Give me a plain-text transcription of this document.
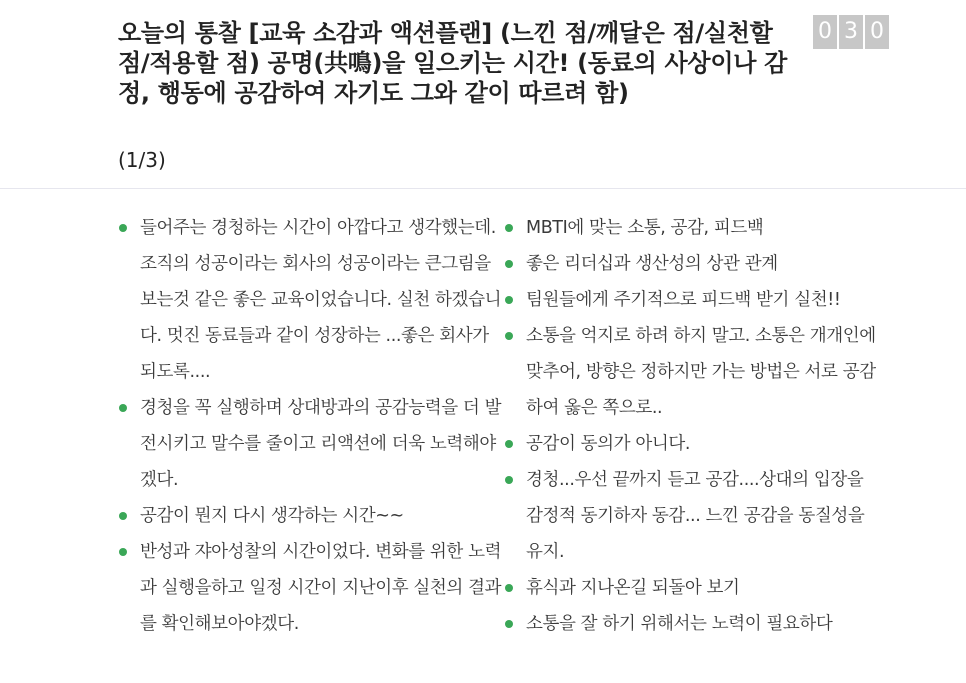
오늘의 통찰 [교육 소감과 액션플랜] (느낀 점/깨달은 점/실천할 점/적용할 점) 공명(共鳴)을 일으키는 시간! (동료의 사상이나 감정, 행동에 공감하여 자기도 그와 같이 따르려 함)
(1/3)
0 3 0
들어주는 경청하는 시간이 아깝다고 생각했는데. 조직의 성공이라는 회사의 성공이라는 큰그림을 보는것 같은 좋은 교육이었습니다. 실천 하겠습니다. 멋진 동료들과 같이 성장하는 ...좋은 회사가되도록....
경청을 꼭 실행하며 상대방과의 공감능력을 더 발전시키고 말수를 줄이고 리액션에 더욱 노력해야겠다.
공감이 뭔지 다시 생각하는 시간~~
반성과 쟈아성찰의 시간이었다. 변화를 위한 노력과 실행을하고 일정 시간이 지난이후 실천의 결과를 확인해보아야겠다.
MBTI에 맞는 소통, 공감, 피드백
좋은 리더십과 생산성의 상관 관계
팀원들에게 주기적으로 피드백 받기 실천!!
소통을 억지로 하려 하지 말고. 소통은 개개인에 맞추어, 방향은 정하지만 가는 방법은 서로 공감하여 옳은 쪽으로..
공감이 동의가 아니다.
경청...우선 끝까지 듣고 공감....상대의 입장을 감정적 동기하자 동감... 느낀 공감을 동질성을 유지.
휴식과 지나온길 되돌아 보기
소통을 잘 하기 위해서는 노력이 필요하다
